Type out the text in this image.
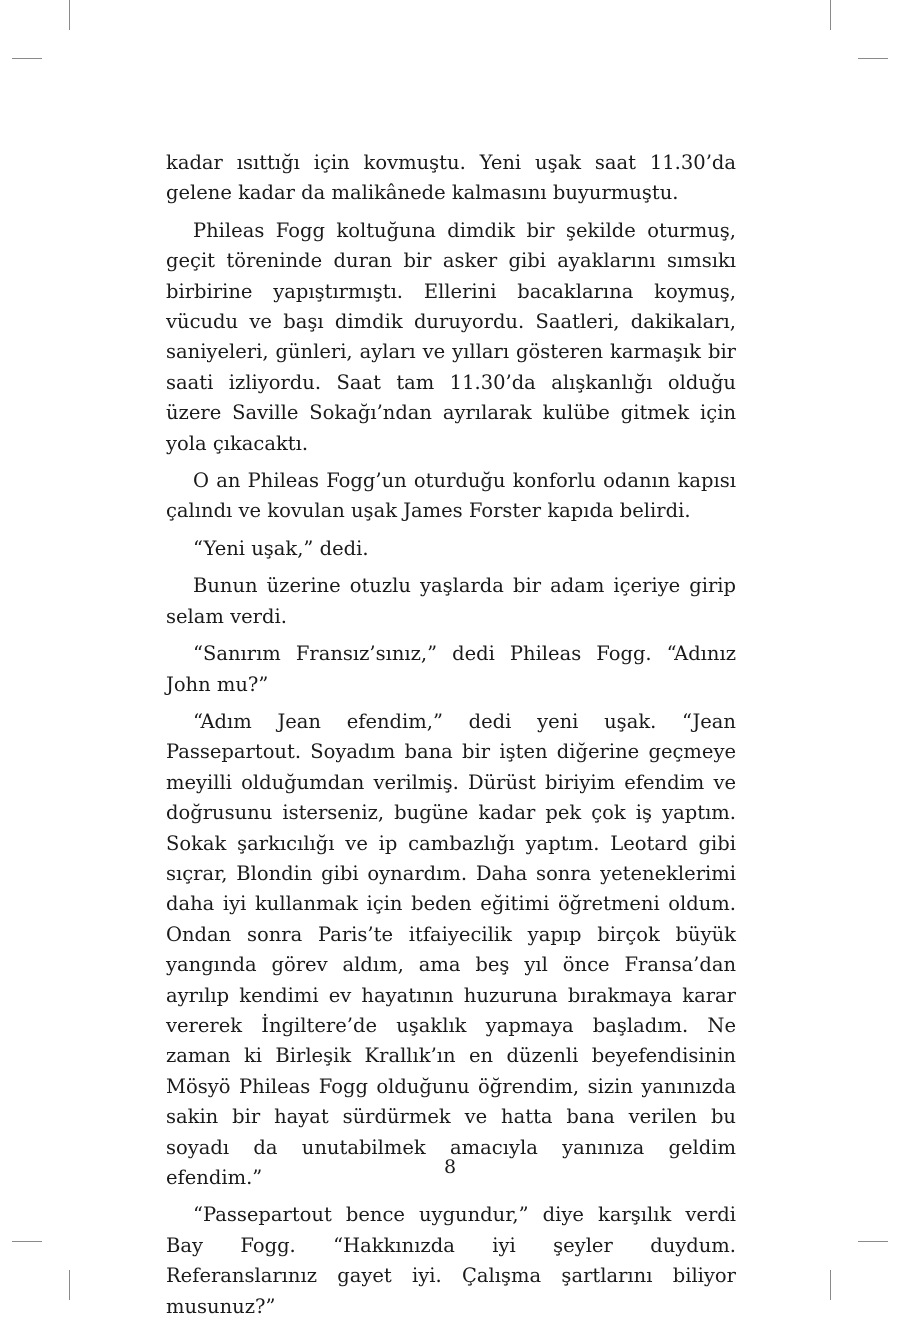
kadar ısıttığı için kovmuştu. Yeni uşak saat 11.30’da gelene kadar da malikânede kalmasını buyurmuştu.

Phileas Fogg koltuğuna dimdik bir şekilde oturmuş, geçit töreninde duran bir asker gibi ayaklarını sımsıkı birbirine yapıştırmıştı. Ellerini bacaklarına koymuş, vücudu ve başı dimdik duruyordu. Saatleri, dakikaları, saniyeleri, günleri, ayları ve yılları gösteren karmaşık bir saati izliyordu. Saat tam 11.30’da alışkanlığı olduğu üzere Saville Sokağı’ndan ayrılarak kulübe gitmek için yola çıkacaktı.

O an Phileas Fogg’un oturduğu konforlu odanın kapısı çalındı ve kovulan uşak James Forster kapıda belirdi.

“Yeni uşak,” dedi.

Bunun üzerine otuzlu yaşlarda bir adam içeriye girip selam verdi.

“Sanırım Fransız’sınız,” dedi Phileas Fogg. “Adınız John mu?”

“Adım Jean efendim,” dedi yeni uşak. “Jean Passepartout. Soyadım bana bir işten diğerine geçmeye meyilli olduğumdan verilmiş. Dürüst biriyim efendim ve doğrusunu isterseniz, bugüne kadar pek çok iş yaptım. Sokak şarkıcılığı ve ip cambazlığı yaptım. Leotard gibi sıçrar, Blondin gibi oynardım. Daha sonra yeteneklerimi daha iyi kullanmak için beden eğitimi öğretmeni oldum. Ondan sonra Paris’te itfaiyecilik yapıp birçok büyük yangında görev aldım, ama beş yıl önce Fransa’dan ayrılıp kendimi ev hayatının huzuruna bırakmaya karar vererek İngiltere’de uşaklık yapmaya başladım. Ne zaman ki Birleşik Krallık’ın en düzenli beyefendisinin Mösyö Phileas Fogg olduğunu öğrendim, sizin yanınızda sakin bir hayat sürdürmek ve hatta bana verilen bu soyadı da unutabilmek amacıyla yanınıza geldim efendim.”

“Passepartout bence uygundur,” diye karşılık verdi Bay Fogg. “Hakkınızda iyi şeyler duydum. Referanslarınız gayet iyi. Çalışma şartlarını biliyor musunuz?”

8
